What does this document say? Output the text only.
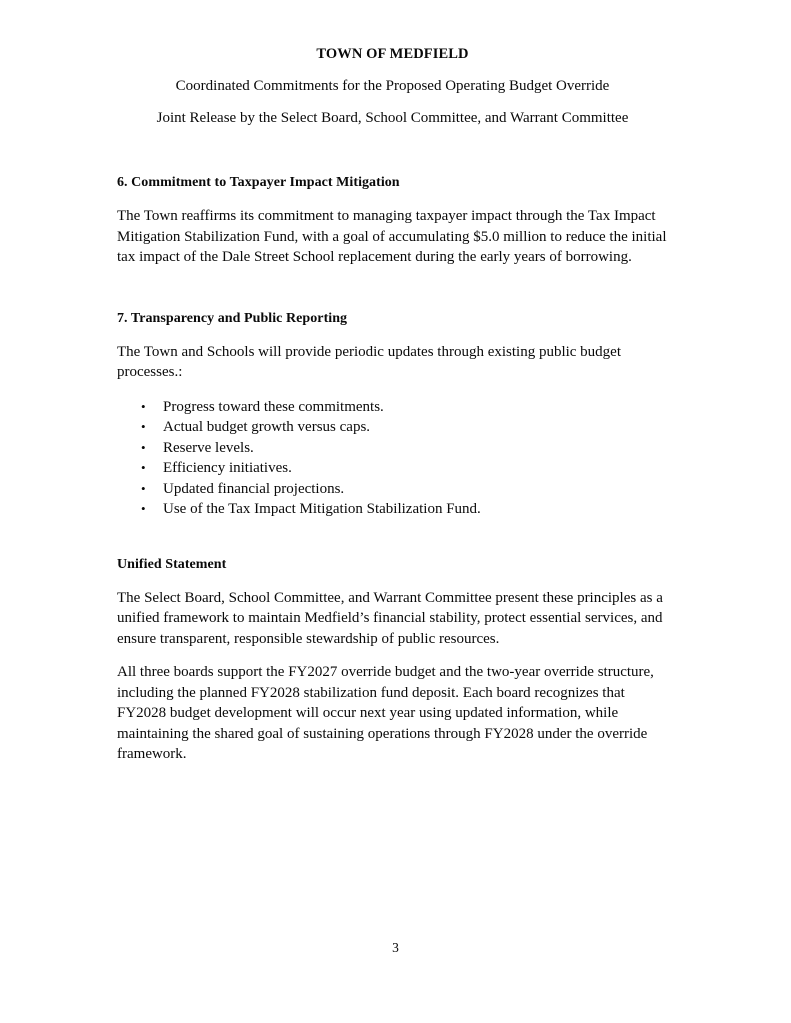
TOWN OF MEDFIELD
Coordinated Commitments for the Proposed Operating Budget Override
Joint Release by the Select Board, School Committee, and Warrant Committee
6. Commitment to Taxpayer Impact Mitigation

The Town reaffirms its commitment to managing taxpayer impact through the Tax Impact Mitigation Stabilization Fund, with a goal of accumulating $5.0 million to reduce the initial tax impact of the Dale Street School replacement during the early years of borrowing.

7. Transparency and Public Reporting

The Town and Schools will provide periodic updates through existing public budget processes.:

• Progress toward these commitments.
• Actual budget growth versus caps.
• Reserve levels.
• Efficiency initiatives.
• Updated financial projections.
• Use of the Tax Impact Mitigation Stabilization Fund.
Unified Statement

The Select Board, School Committee, and Warrant Committee present these principles as a unified framework to maintain Medfield’s financial stability, protect essential services, and ensure transparent, responsible stewardship of public resources.

All three boards support the FY2027 override budget and the two-year override structure, including the planned FY2028 stabilization fund deposit. Each board recognizes that FY2028 budget development will occur next year using updated information, while maintaining the shared goal of sustaining operations through FY2028 under the override framework.

3
